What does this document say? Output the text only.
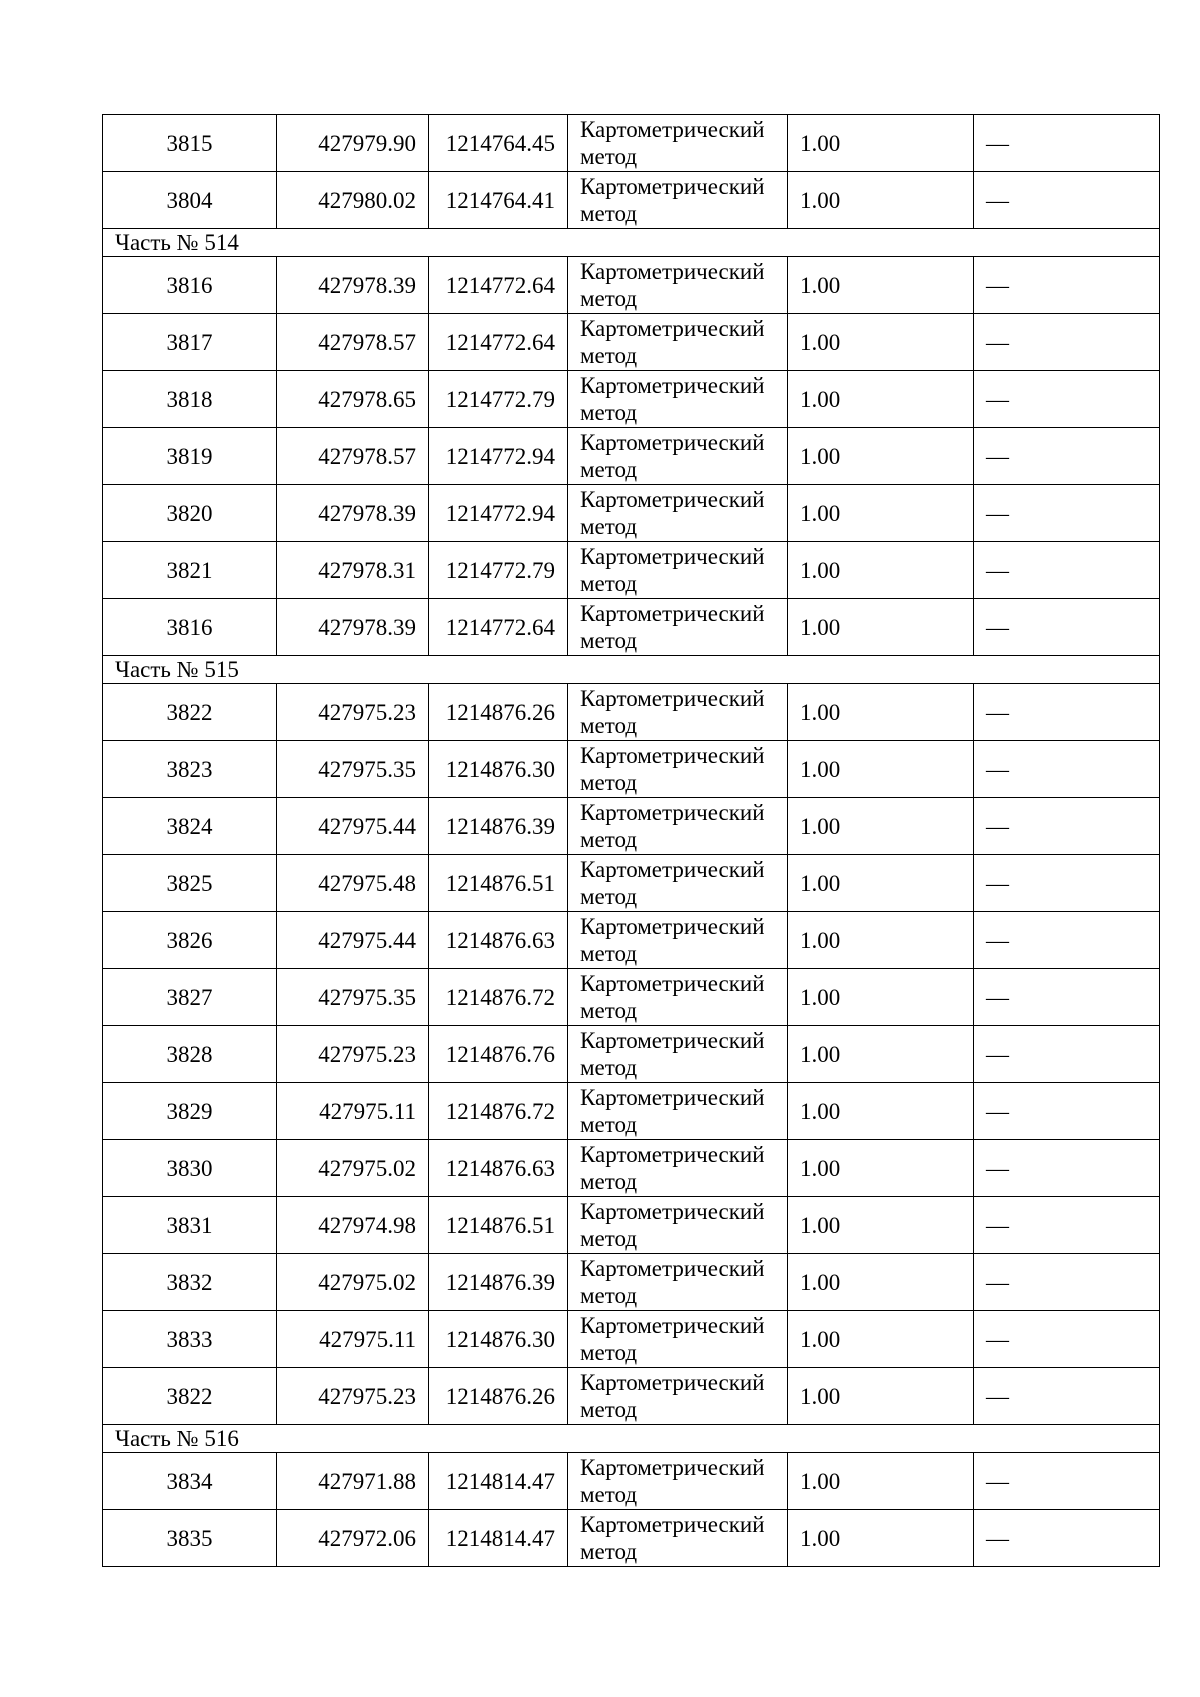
3815	427979.90	1214764.45	Картометрический
метод	1.00	—
3804	427980.02	1214764.41	Картометрический
метод	1.00	—
Часть № 514					
3816	427978.39	1214772.64	Картометрический
метод	1.00	—
3817	427978.57	1214772.64	Картометрический
метод	1.00	—
3818	427978.65	1214772.79	Картометрический
метод	1.00	—
3819	427978.57	1214772.94	Картометрический
метод	1.00	—
3820	427978.39	1214772.94	Картометрический
метод	1.00	—
3821	427978.31	1214772.79	Картометрический
метод	1.00	—
3816	427978.39	1214772.64	Картометрический
метод	1.00	—
Часть № 515					
3822	427975.23	1214876.26	Картометрический
метод	1.00	—
3823	427975.35	1214876.30	Картометрический
метод	1.00	—
3824	427975.44	1214876.39	Картометрический
метод	1.00	—
3825	427975.48	1214876.51	Картометрический
метод	1.00	—
3826	427975.44	1214876.63	Картометрический
метод	1.00	—
3827	427975.35	1214876.72	Картометрический
метод	1.00	—
3828	427975.23	1214876.76	Картометрический
метод	1.00	—
3829	427975.11	1214876.72	Картометрический
метод	1.00	—
3830	427975.02	1214876.63	Картометрический
метод	1.00	—
3831	427974.98	1214876.51	Картометрический
метод	1.00	—
3832	427975.02	1214876.39	Картометрический
метод	1.00	—
3833	427975.11	1214876.30	Картометрический
метод	1.00	—
3822	427975.23	1214876.26	Картометрический
метод	1.00	—
Часть № 516					
3834	427971.88	1214814.47	Картометрический
метод	1.00	—
3835	427972.06	1214814.47	Картометрический
метод	1.00	—
